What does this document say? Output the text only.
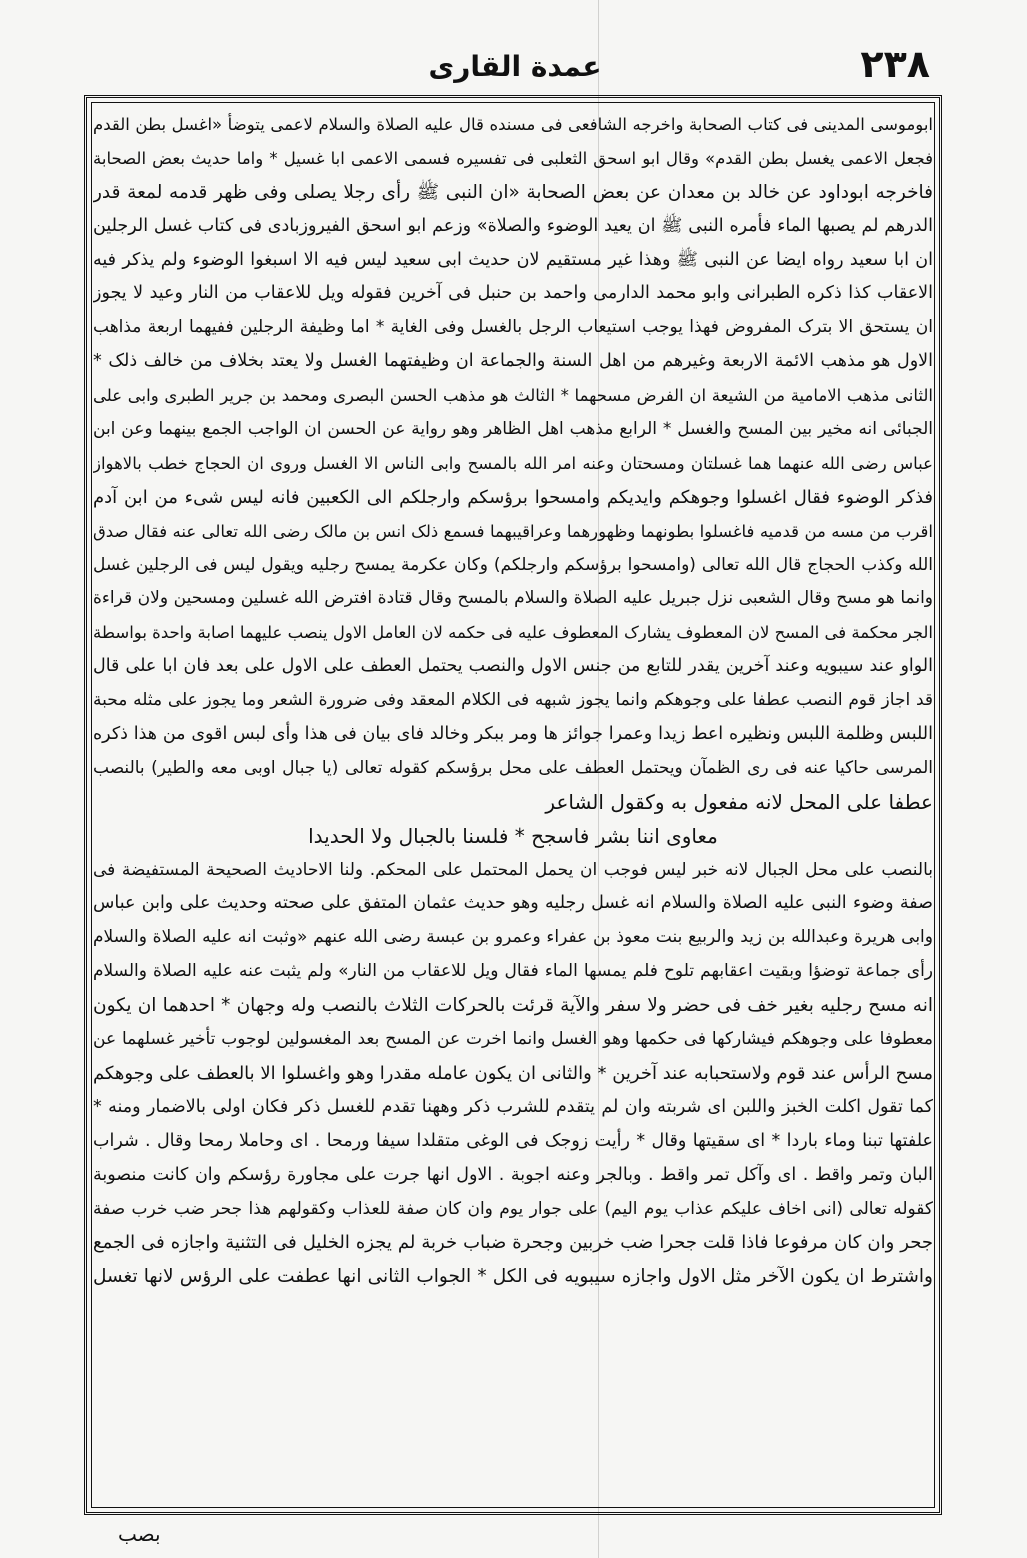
۲۳۸
عمدة القاری
ابوموسی المدینی فی کتاب الصحابة واخرجه الشافعی فی مسنده قال علیه الصلاة والسلام لاعمی یتوضأ «اغسل بطن القدم
فجعل الاعمی یغسل بطن القدم» وقال ابو اسحق الثعلبی فی تفسیره فسمی الاعمی ابا غسیل * واما حدیث بعض الصحابة
فاخرجه ابوداود عن خالد بن معدان عن بعض الصحابة «ان النبی ﷺ رأی رجلا یصلی وفی ظهر قدمه لمعة قدر
الدرهم لم یصبها الماء فأمره النبی ﷺ ان یعید الوضوء والصلاة» وزعم ابو اسحق الفیروزبادی فی کتاب غسل الرجلین
ان ابا سعید رواه ایضا عن النبی ﷺ وهذا غیر مستقیم لان حدیث ابی سعید لیس فیه الا اسبغوا الوضوء ولم یذکر فیه
الاعقاب کذا ذکره الطبرانی وابو محمد الدارمی واحمد بن حنبل فی آخرین فقوله ویل للاعقاب من النار وعید لا یجوز
ان یستحق الا بترک المفروض فهذا یوجب استیعاب الرجل بالغسل وفی الغایة * اما وظیفة الرجلین ففیهما اربعة مذاهب
الاول هو مذهب الائمة الاربعة وغیرهم من اهل السنة والجماعة ان وظیفتهما الغسل ولا یعتد بخلاف من خالف ذلک *
الثانی مذهب الامامیة من الشیعة ان الفرض مسحهما * الثالث هو مذهب الحسن البصری ومحمد بن جریر الطبری وابی علی
الجبائی انه مخیر بین المسح والغسل * الرابع مذهب اهل الظاهر وهو روایة عن الحسن ان الواجب الجمع بینهما وعن ابن
عباس رضی الله عنهما هما غسلتان ومسحتان وعنه امر الله بالمسح وابی الناس الا الغسل وروی ان الحجاج خطب بالاهواز
فذکر الوضوء فقال اغسلوا وجوهکم وایدیکم وامسحوا برؤسکم وارجلکم الی الکعبین فانه لیس شیء من ابن آدم
اقرب من مسه من قدمیه فاغسلوا بطونهما وظهورهما وعراقیبهما فسمع ذلک انس بن مالک رضی الله تعالی عنه فقال صدق
الله وکذب الحجاج قال الله تعالی (وامسحوا برؤسکم وارجلکم) وکان عکرمة یمسح رجلیه ویقول لیس فی الرجلین غسل
وانما هو مسح وقال الشعبی نزل جبریل علیه الصلاة والسلام بالمسح وقال قتادة افترض الله غسلین ومسحین ولان قراءة
الجر محکمة فی المسح لان المعطوف یشارک المعطوف علیه فی حکمه لان العامل الاول ینصب علیهما اصابة واحدة بواسطة
الواو عند سیبویه وعند آخرین یقدر للتابع من جنس الاول والنصب یحتمل العطف علی الاول علی بعد فان ابا علی قال
قد اجاز قوم النصب عطفا علی وجوهکم وانما یجوز شبهه فی الکلام المعقد وفی ضرورة الشعر وما یجوز علی مثله محبة
اللبس وظلمة اللبس ونظیره اعط زیدا وعمرا جوائز ها ومر ببکر وخالد فای بیان فی هذا وأی لبس اقوی من هذا ذکره
المرسی حاکیا عنه فی ری الظمآن ویحتمل العطف علی محل برؤسکم کقوله تعالی (یا جبال اوبی معه والطیر) بالنصب
عطفا علی المحل لانه مفعول به وکقول الشاعر
معاوی اننا بشر فاسجح * فلسنا بالجبال ولا الحدیدا
بالنصب علی محل الجبال لانه خبر لیس فوجب ان یحمل المحتمل علی المحکم. ولنا الاحادیث الصحیحة المستفیضة فی
صفة وضوء النبی علیه الصلاة والسلام انه غسل رجلیه وهو حدیث عثمان المتفق علی صحته وحدیث علی وابن عباس
وابی هریرة وعبدالله بن زید والربیع بنت معوذ بن عفراء وعمرو بن عبسة رضی الله عنهم «وثبت انه علیه الصلاة والسلام
رأی جماعة توضؤا وبقیت اعقابهم تلوح فلم یمسها الماء فقال ویل للاعقاب من النار» ولم یثبت عنه علیه الصلاة والسلام
انه مسح رجلیه بغیر خف فی حضر ولا سفر والآیة قرئت بالحرکات الثلاث بالنصب وله وجهان * احدهما ان یکون
معطوفا علی وجوهکم فیشارکها فی حکمها وهو الغسل وانما اخرت عن المسح بعد المغسولین لوجوب تأخیر غسلهما عن
مسح الرأس عند قوم ولاستحبابه عند آخرین * والثانی ان یکون عامله مقدرا وهو واغسلوا الا بالعطف علی وجوهکم
کما تقول اکلت الخبز واللبن ای شربته وان لم یتقدم للشرب ذکر وههنا تقدم للغسل ذکر فکان اولی بالاضمار ومنه *
علفتها تبنا وماء باردا * ای سقیتها وقال * رأیت زوجک فی الوغی متقلدا سیفا ورمحا . ای وحاملا رمحا وقال . شراب
البان وتمر واقط . ای وآکل تمر واقط . وبالجر وعنه اجوبة . الاول انها جرت علی مجاورة رؤسکم وان کانت منصوبة
کقوله تعالی (انی اخاف علیکم عذاب یوم الیم) علی جوار یوم وان کان صفة للعذاب وکقولهم هذا جحر ضب خرب صفة
جحر وان کان مرفوعا فاذا قلت جحرا ضب خربین وجحرة ضباب خربة لم یجزه الخلیل فی التثنیة واجازه فی الجمع
واشترط ان یکون الآخر مثل الاول واجازه سیبویه فی الکل * الجواب الثانی انها عطفت علی الرؤس لانها تغسل
بصب
